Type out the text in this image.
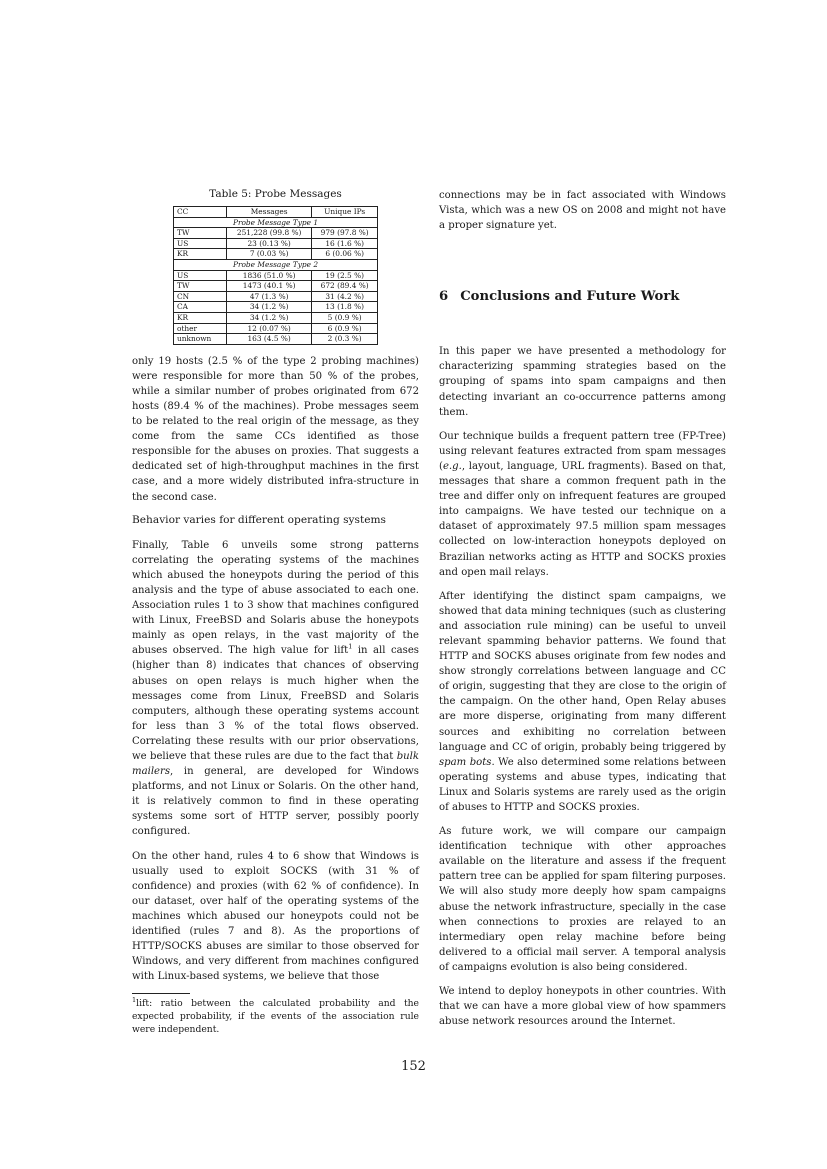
Table 5: Probe Messages
CC	Messages	Unique IPs
Probe Message Type 1		
TW	251,228 (99.8 %)	979 (97.8 %)
US	23 (0.13 %)	16 (1.6 %)
KR	7 (0.03 %)	6 (0.06 %)
Probe Message Type 2		
US	1836 (51.0 %)	19 (2.5 %)
TW	1473 (40.1 %)	672 (89.4 %)
CN	47 (1.3 %)	31 (4.2 %)
CA	34 (1.2 %)	13 (1.8 %)
KR	34 (1.2 %)	5 (0.9 %)
other	12 (0.07 %)	6 (0.9 %)
unknown	163 (4.5 %)	2 (0.3 %)

only 19 hosts (2.5 % of the type 2 probing machines) were responsible for more than 50 % of the probes, while a similar number of probes originated from 672 hosts (89.4 % of the machines). Probe messages seem to be related to the real origin of the message, as they come from the same CCs identified as those responsible for the abuses on proxies. That suggests a dedicated set of high-throughput machines in the first case, and a more widely distributed infra-structure in the second case.

Behavior varies for different operating systems

Finally, Table 6 unveils some strong patterns correlating the operating systems of the machines which abused the honeypots during the period of this analysis and the type of abuse associated to each one. Association rules 1 to 3 show that machines configured with Linux, FreeBSD and Solaris abuse the honeypots mainly as open relays, in the vast majority of the abuses observed. The high value for lift$^1$ in all cases (higher than 8) indicates that chances of observing abuses on open relays is much higher when the messages come from Linux, FreeBSD and Solaris computers, although these operating systems account for less than 3 % of the total flows observed. Correlating these results with our prior observations, we believe that these rules are due to the fact that bulk mailers, in general, are developed for Windows platforms, and not Linux or Solaris. On the other hand, it is relatively common to find in these operating systems some sort of HTTP server, possibly poorly configured.

On the other hand, rules 4 to 6 show that Windows is usually used to exploit SOCKS (with 31 % of confidence) and proxies (with 62 % of confidence). In our dataset, over half of the operating systems of the machines which abused our honeypots could not be identified (rules 7 and 8). As the proportions of HTTP/SOCKS abuses are similar to those observed for Windows, and very different from machines configured with Linux-based systems, we believe that those

$^1$lift: ratio between the calculated probability and the expected probability, if the events of the association rule were independent.

connections may be in fact associated with Windows Vista, which was a new OS on 2008 and might not have a proper signature yet.

6 Conclusions and Future Work

In this paper we have presented a methodology for characterizing spamming strategies based on the grouping of spams into spam campaigns and then detecting invariant an co-occurrence patterns among them.

Our technique builds a frequent pattern tree (FP-Tree) using relevant features extracted from spam messages (e.g., layout, language, URL fragments). Based on that, messages that share a common frequent path in the tree and differ only on infrequent features are grouped into campaigns. We have tested our technique on a dataset of approximately 97.5 million spam messages collected on low-interaction honeypots deployed on Brazilian networks acting as HTTP and SOCKS proxies and open mail relays.

After identifying the distinct spam campaigns, we showed that data mining techniques (such as clustering and association rule mining) can be useful to unveil relevant spamming behavior patterns. We found that HTTP and SOCKS abuses originate from few nodes and show strongly correlations between language and CC of origin, suggesting that they are close to the origin of the campaign. On the other hand, Open Relay abuses are more disperse, originating from many different sources and exhibiting no correlation between language and CC of origin, probably being triggered by spam bots. We also determined some relations between operating systems and abuse types, indicating that Linux and Solaris systems are rarely used as the origin of abuses to HTTP and SOCKS proxies.

As future work, we will compare our campaign identification technique with other approaches available on the literature and assess if the frequent pattern tree can be applied for spam filtering purposes. We will also study more deeply how spam campaigns abuse the network infrastructure, specially in the case when connections to proxies are relayed to an intermediary open relay machine before being delivered to a official mail server. A temporal analysis of campaigns evolution is also being considered.

We intend to deploy honeypots in other countries. With that we can have a more global view of how spammers abuse network resources around the Internet.

152
